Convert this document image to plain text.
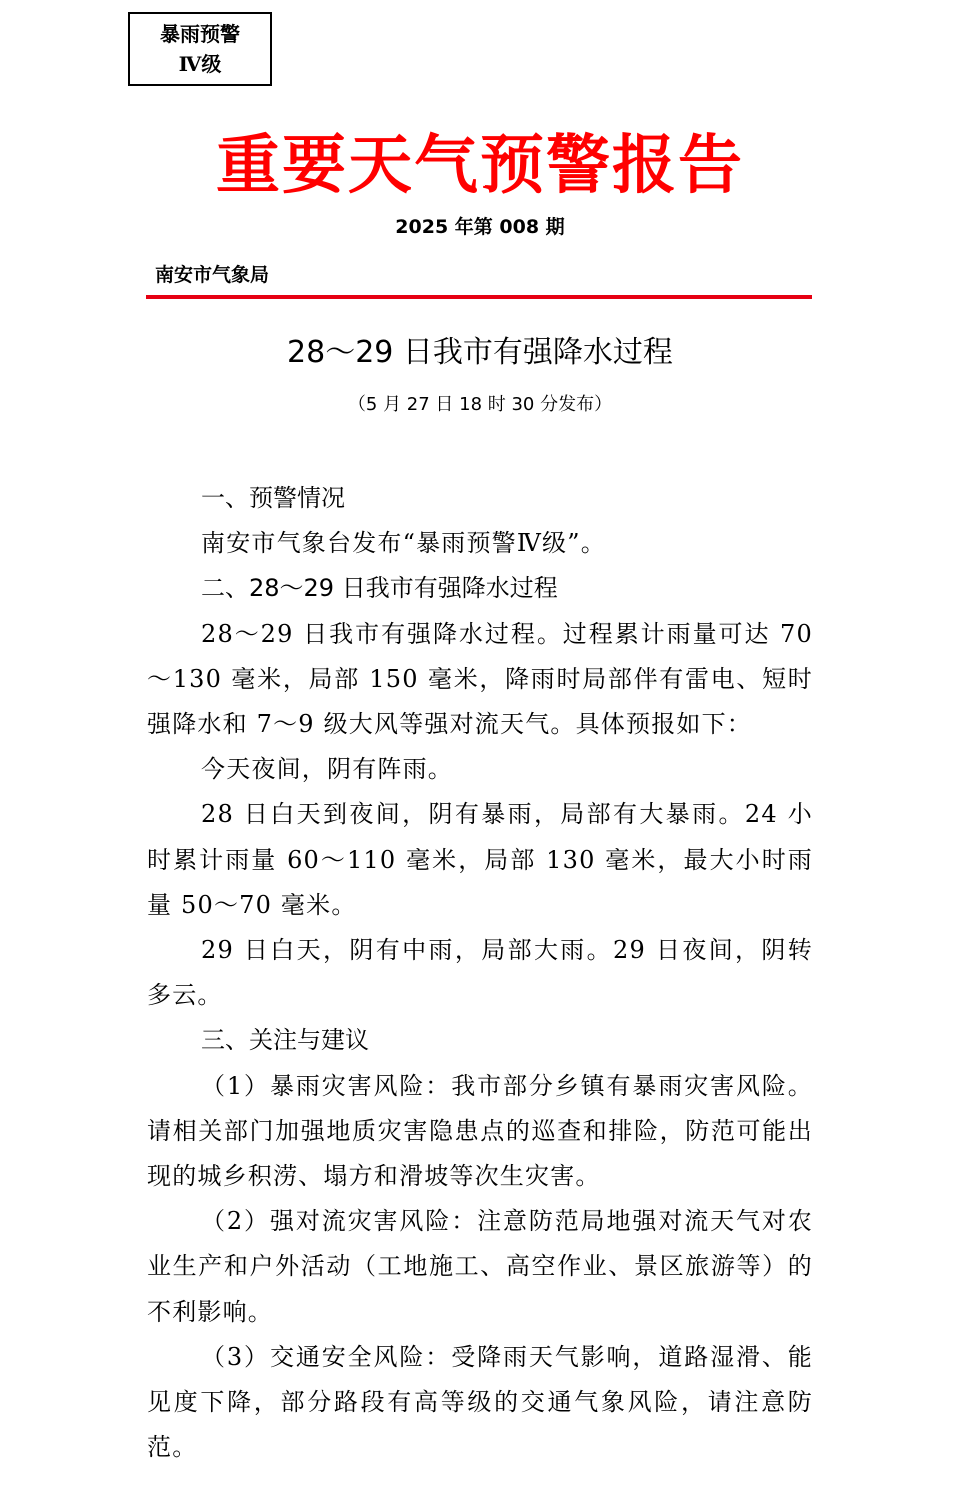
暴雨预警
Ⅳ级
重要天气预警报告
2025 年第 008 期
南安市气象局
28～29 日我市有强降水过程
（5 月 27 日 18 时 30 分发布）

一、预警情况

南安市气象台发布“暴雨预警Ⅳ级”。

二、28～29 日我市有强降水过程

28～29 日我市有强降水过程。过程累计雨量可达 70～130 毫米，局部 150 毫米，降雨时局部伴有雷电、短时强降水和 7～9 级大风等强对流天气。具体预报如下：

今天夜间，阴有阵雨。

28 日白天到夜间，阴有暴雨，局部有大暴雨。24 小时累计雨量 60～110 毫米，局部 130 毫米，最大小时雨量 50～70 毫米。

29 日白天，阴有中雨，局部大雨。29 日夜间，阴转多云。

三、关注与建议

（1）暴雨灾害风险：我市部分乡镇有暴雨灾害风险。请相关部门加强地质灾害隐患点的巡查和排险，防范可能出现的城乡积涝、塌方和滑坡等次生灾害。

（2）强对流灾害风险：注意防范局地强对流天气对农业生产和户外活动（工地施工、高空作业、景区旅游等）的不利影响。

（3）交通安全风险：受降雨天气影响，道路湿滑、能见度下降，部分路段有高等级的交通气象风险，请注意防范。
